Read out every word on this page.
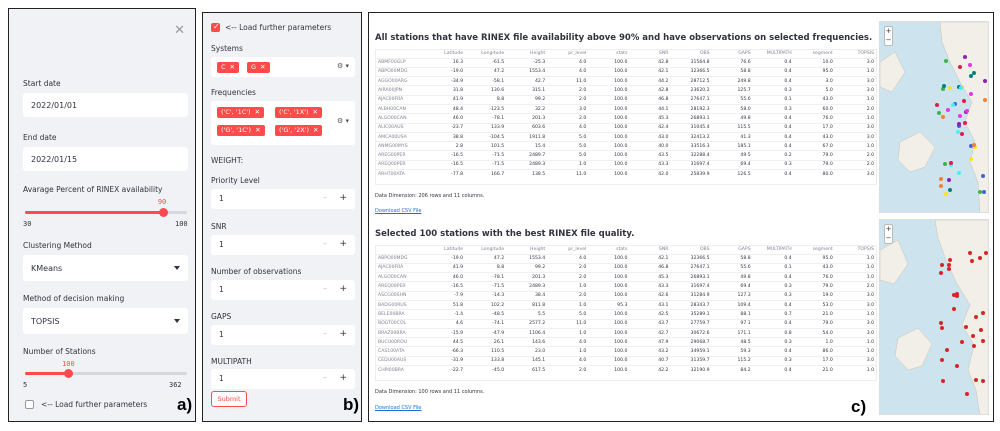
✕
Start date
2022/01/01
End date
2022/01/15
Avarage Percent of RINEX availability
90
30	100
Clustering Method
KMeans
Method of decision making
TOPSIS
Number of Stations
100
5	362
<-- Load further parameters a)
✓
<-- Load further parameters
Systems
C ✕	G ✕	⚙ ▾
Frequencies
('C', '1C') ✕	('C', '1X') ✕
('G', '1C') ✕	('G', '2X') ✕
⚙ ▾
WEIGHT:
Priority Level
1	– +
SNR
1	– +
Number of observations
1	– +
GAPS
1	– +
MULTIPATH
1	– +
Submit	b)
All stations that have RINEX file availability above 90% and have observations on selected frequencies.
	Latitude	Longitude	Height	pr_level	stats	SNR	OBS	GAPS	MULTIPATH	segment	TOPSIS
ABMF00GLP	16.3	-61.5	-25.3	4.0	100.0	42.8	31564.8	76.6	0.4	10.0	3.0
ABPO00MDG	-19.0	47.2	1553.4	4.0	100.0	42.1	32366.5	58.8	0.4	95.0	1.0
AGGO00ARG	-34.9	-58.1	42.7	11.0	100.0	44.2	28712.5	249.8	0.4	3.0	3.0
AIRA00JPN	31.8	130.6	315.1	2.0	100.0	42.8	23620.2	125.7	0.3	5.0	3.0
AJAC00FRA	41.9	8.8	99.2	2.0	100.0	46.8	27647.1	55.6	0.1	43.0	1.0
ALBH00CAN	48.4	-123.5	32.2	3.0	100.0	44.1	28192.3	58.0	0.3	60.0	2.0
ALGO00CAN	46.0	-78.1	201.3	2.0	100.0	45.3	26893.1	49.8	0.4	76.0	1.0
ALIC00AUS	-23.7	133.9	603.6	4.0	100.0	42.4	31045.4	115.5	0.4	17.0	3.0
AMCA00USA	38.8	-104.5	1911.8	5.0	100.0	43.0	32413.2	41.3	0.4	43.0	3.0
ANMG00MYS	2.8	101.5	15.4	5.0	100.0	40.0	33516.3	185.1	0.4	67.0	1.0
AREG00PER	-16.5	-71.5	2489.7	5.0	100.0	43.5	32288.4	49.5	0.2	79.0	2.0
AREQ00PER	-16.5	-71.5	2489.3	1.0	100.0	43.3	31697.4	69.4	0.3	79.0	2.0
ARHT00ATA	-77.8	166.7	138.5	11.0	100.0	42.0	25839.9	126.5	0.4	80.0	3.0
Data Dimension: 206 rows and 11 columns.
Download CSV File
+
−
Selected 100 stations with the best RINEX file quality.
	Latitude	Longitude	Height	pr_level	stats	SNR	OBS	GAPS	MULTIPATH	segment	TOPSIS
ABPO00MDG	-19.0	47.2	1553.4	4.0	100.0	42.1	32366.5	58.8	0.4	95.0	1.0
AJAC00FRA	41.9	8.8	99.2	2.0	100.0	46.8	27647.1	55.6	0.1	43.0	1.0
ALGO00CAN	46.0	-78.1	201.3	2.0	100.0	45.3	26893.1	49.8	0.4	76.0	1.0
AREQ00PER	-16.5	-71.5	2489.3	1.0	100.0	43.3	31697.4	69.4	0.3	79.0	2.0
ASCG00SHN	-7.9	-14.3	38.4	2.0	100.0	42.6	31284.9	127.3	0.3	19.0	3.0
BADG00RUS	51.8	102.2	811.8	1.0	95.3	43.1	28343.7	109.4	0.4	53.0	3.0
BELE00BRA	-1.4	-48.5	5.5	5.0	100.0	42.5	35289.1	88.1	0.7	21.0	1.0
BOGT00COL	4.6	-74.1	2577.2	11.0	100.0	43.7	27759.7	97.1	0.4	79.0	3.0
BRAZ00BRA	-15.9	-47.9	1106.4	1.0	100.0	42.7	30672.6	171.1	0.8	54.0	3.0
BUCU00ROU	44.5	26.1	143.6	4.0	100.0	47.9	29068.7	48.5	0.3	1.0	1.0
CAS100ATA	-66.3	110.5	23.0	1.0	100.0	43.2	34959.1	59.3	0.4	86.0	1.0
CEDU00AUS	-31.9	133.8	145.1	4.0	100.0	40.7	31359.7	115.2	0.3	17.0	3.0
CHPI00BRA	-22.7	-45.0	617.5	2.0	100.0	42.2	32190.9	84.2	0.4	21.0	1.0
Data Dimension: 100 rows and 11 columns.
Download CSV File
+
−
c)
